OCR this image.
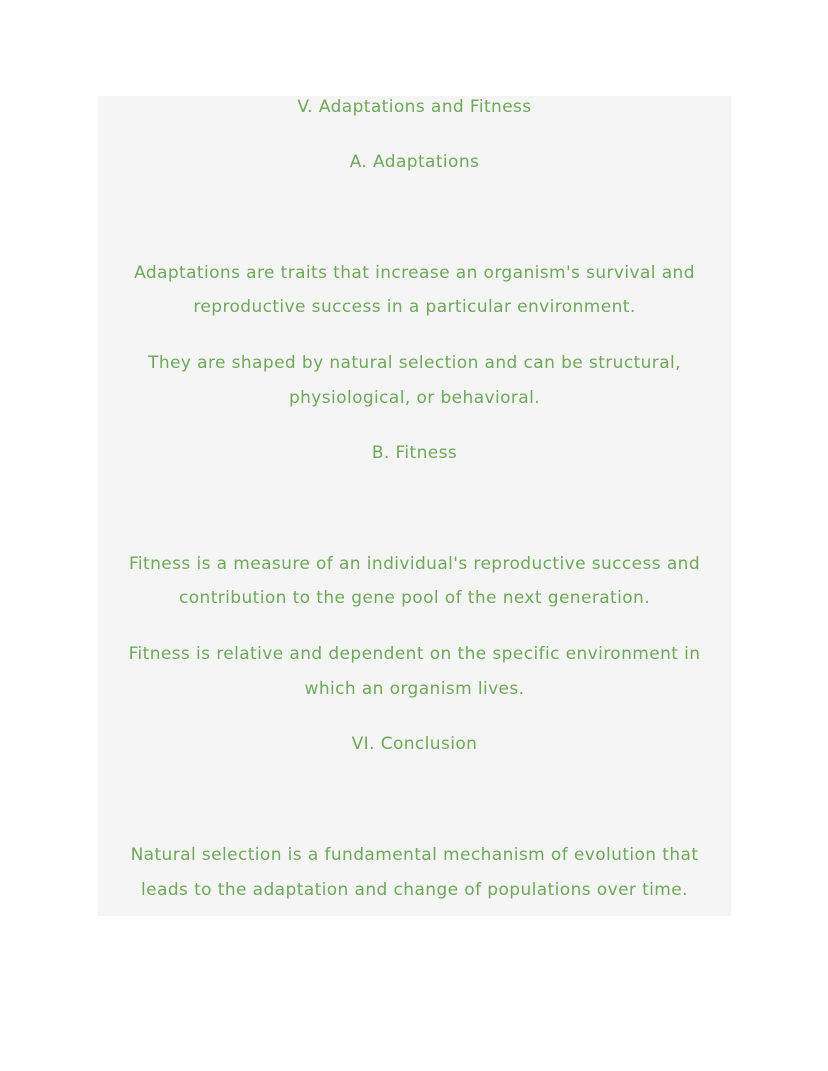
V. Adaptations and Fitness
A. Adaptations
Adaptations are traits that increase an organism's survival and
reproductive success in a particular environment.
They are shaped by natural selection and can be structural,
physiological, or behavioral.
B. Fitness
Fitness is a measure of an individual's reproductive success and
contribution to the gene pool of the next generation.
Fitness is relative and dependent on the specific environment in
which an organism lives.
VI. Conclusion
Natural selection is a fundamental mechanism of evolution that
leads to the adaptation and change of populations over time.
